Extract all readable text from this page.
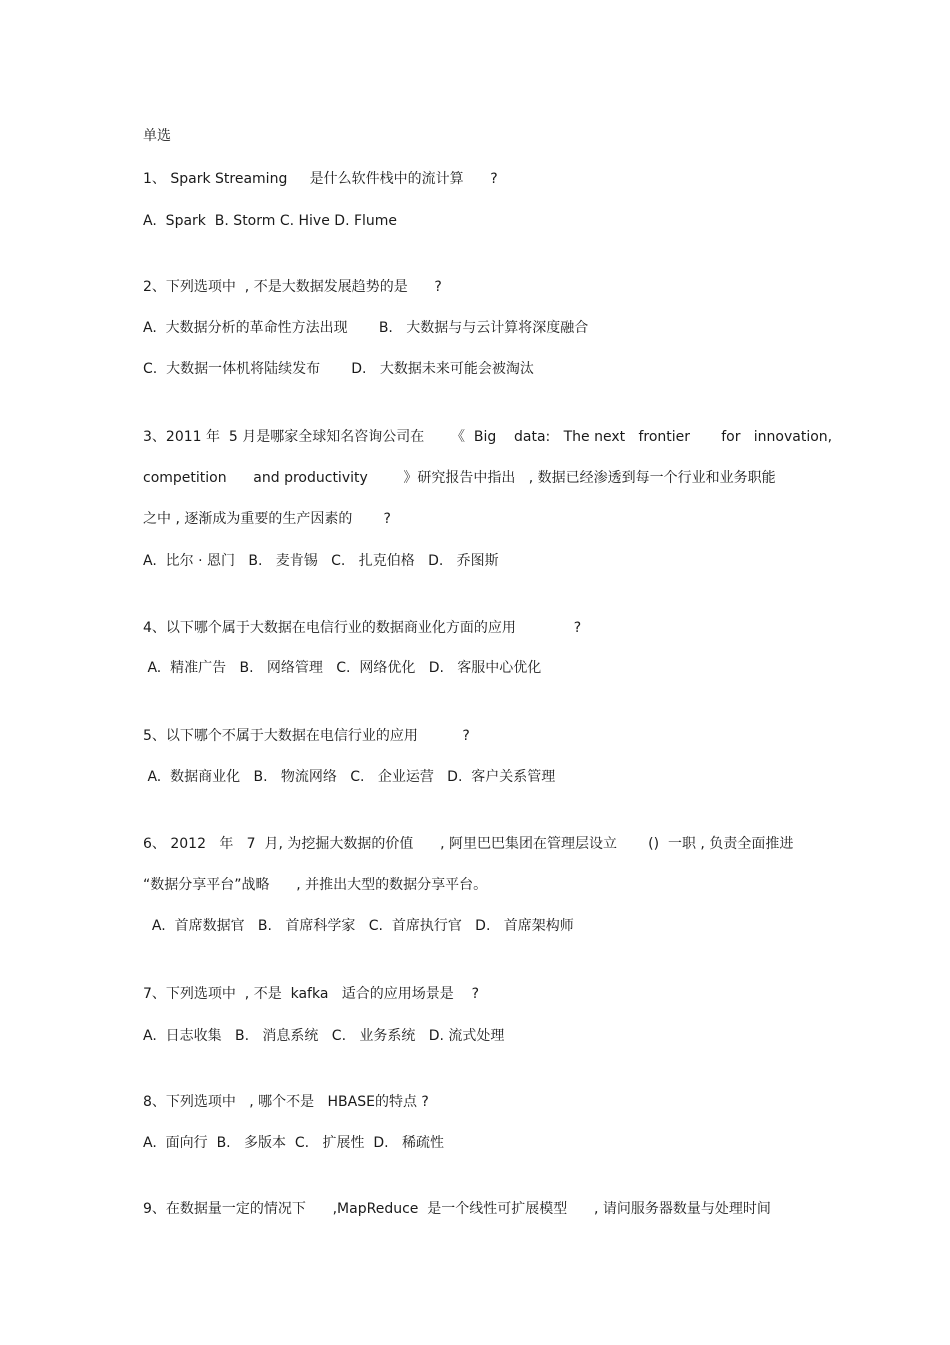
单选
1、 Spark Streaming     是什么软件栈中的流计算      ?
A.  Spark  B. Storm C. Hive D. Flume
2、下列选项中  , 不是大数据发展趋势的是      ?
A.  大数据分析的革命性方法出现       B.   大数据与与云计算将深度融合
C.  大数据一体机将陆续发布       D.   大数据未来可能会被淘汰
3、2011 年  5 月是哪家全球知名咨询公司在      《  Big    data:   The next   frontier       for   innovation,
competition      and productivity        》研究报告中指出   , 数据已经渗透到每一个行业和业务职能
之中 , 逐渐成为重要的生产因素的       ?
A.  比尔 · 恩门   B.   麦肯锡   C.   扎克伯格   D.   乔图斯
4、以下哪个属于大数据在电信行业的数据商业化方面的应用             ?
A.  精准广告   B.   网络管理   C.  网络优化   D.   客服中心优化
5、以下哪个不属于大数据在电信行业的应用          ?
A.  数据商业化   B.   物流网络   C.   企业运营   D.  客户关系管理
6、 2012   年   7  月, 为挖掘大数据的价值      , 阿里巴巴集团在管理层设立       ()  一职 , 负责全面推进
“数据分享平台”战略      , 并推出大型的数据分享平台。
A.  首席数据官   B.   首席科学家   C.  首席执行官   D.   首席架构师
7、下列选项中  , 不是  kafka   适合的应用场景是    ?
A.  日志收集   B.   消息系统   C.   业务系统   D. 流式处理
8、下列选项中   , 哪个不是   HBASE的特点 ?
A.  面向行  B.   多版本  C.   扩展性  D.   稀疏性
9、在数据量一定的情况下      ,MapReduce  是一个线性可扩展模型      , 请问服务器数量与处理时间
